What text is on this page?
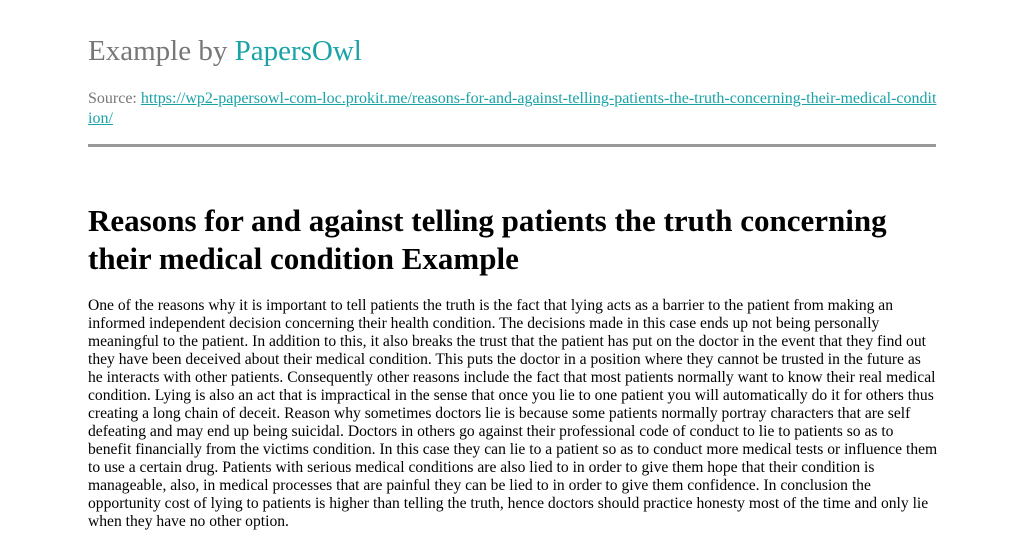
Example by PapersOwl

Source: https://wp2-papersowl-com-loc.prokit.me/reasons-for-and-against-telling-patients-the-truth-concerning-their-medical-condition/
Reasons for and against telling patients the truth concerning their medical condition Example

One of the reasons why it is important to tell patients the truth is the fact that lying acts as a barrier to the patient from making an informed independent decision concerning their health condition. The decisions made in this case ends up not being personally meaningful to the patient. In addition to this, it also breaks the trust that the patient has put on the doctor in the event that they find out they have been deceived about their medical condition. This puts the doctor in a position where they cannot be trusted in the future as he interacts with other patients. Consequently other reasons include the fact that most patients normally want to know their real medical condition. Lying is also an act that is impractical in the sense that once you lie to one patient you will automatically do it for others thus creating a long chain of deceit. Reason why sometimes doctors lie is because some patients normally portray characters that are self defeating and may end up being suicidal. Doctors in others go against their professional code of conduct to lie to patients so as to benefit financially from the victims condition. In this case they can lie to a patient so as to conduct more medical tests or influence them to use a certain drug. Patients with serious medical conditions are also lied to in order to give them hope that their condition is manageable, also, in medical processes that are painful they can be lied to in order to give them confidence. In conclusion the opportunity cost of lying to patients is higher than telling the truth, hence doctors should practice honesty most of the time and only lie when they have no other option.
